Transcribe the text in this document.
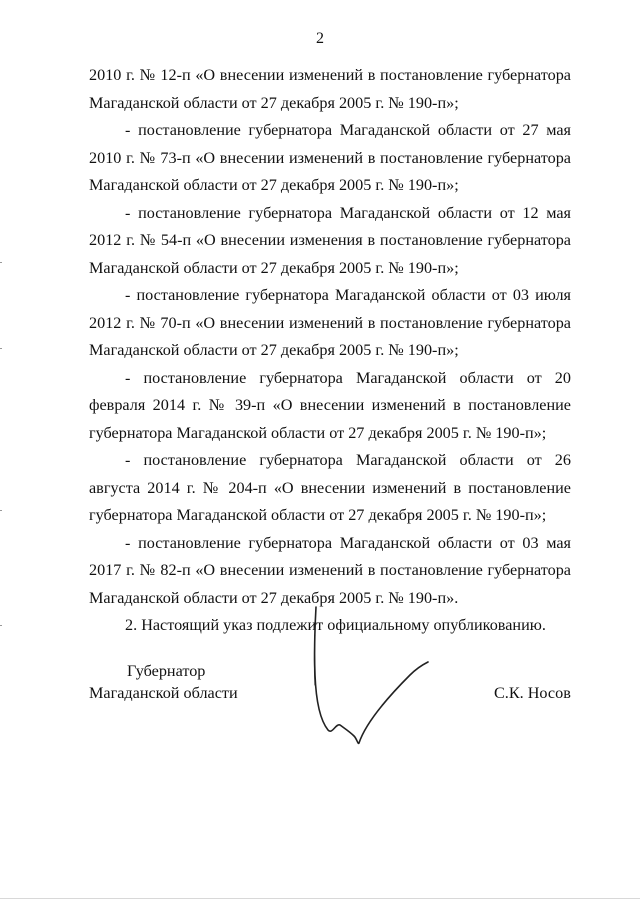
2

2010 г. № 12-п «О внесении изменений в постановление губернатора Магаданской области от 27 декабря 2005 г. № 190-п»;

- постановление губернатора Магаданской области от 27 мая 2010 г. № 73-п «О внесении изменений в постановление губернатора Магаданской области от 27 декабря 2005 г. № 190-п»;

- постановление губернатора Магаданской области от 12 мая 2012 г. № 54-п «О внесении изменения в постановление губернатора Магаданской области от 27 декабря 2005 г. № 190-п»;

- постановление губернатора Магаданской области от 03 июля 2012 г. № 70-п «О внесении изменений в постановление губернатора Магаданской области от 27 декабря 2005 г. № 190-п»;

- постановление губернатора Магаданской области от 20 февраля 2014 г. № 39-п «О внесении изменений в постановление губернатора Магаданской области от 27 декабря 2005 г. № 190-п»;

- постановление губернатора Магаданской области от 26 августа 2014 г. № 204-п «О внесении изменений в постановление губернатора Магаданской области от 27 декабря 2005 г. № 190-п»;

- постановление губернатора Магаданской области от 03 мая 2017 г. № 82-п «О внесении изменений в постановление губернатора Магаданской области от 27 декабря 2005 г. № 190-п».

2. Настоящий указ подлежит официальному опубликованию.

Губернатор
Магаданской области	С.К. Носов
